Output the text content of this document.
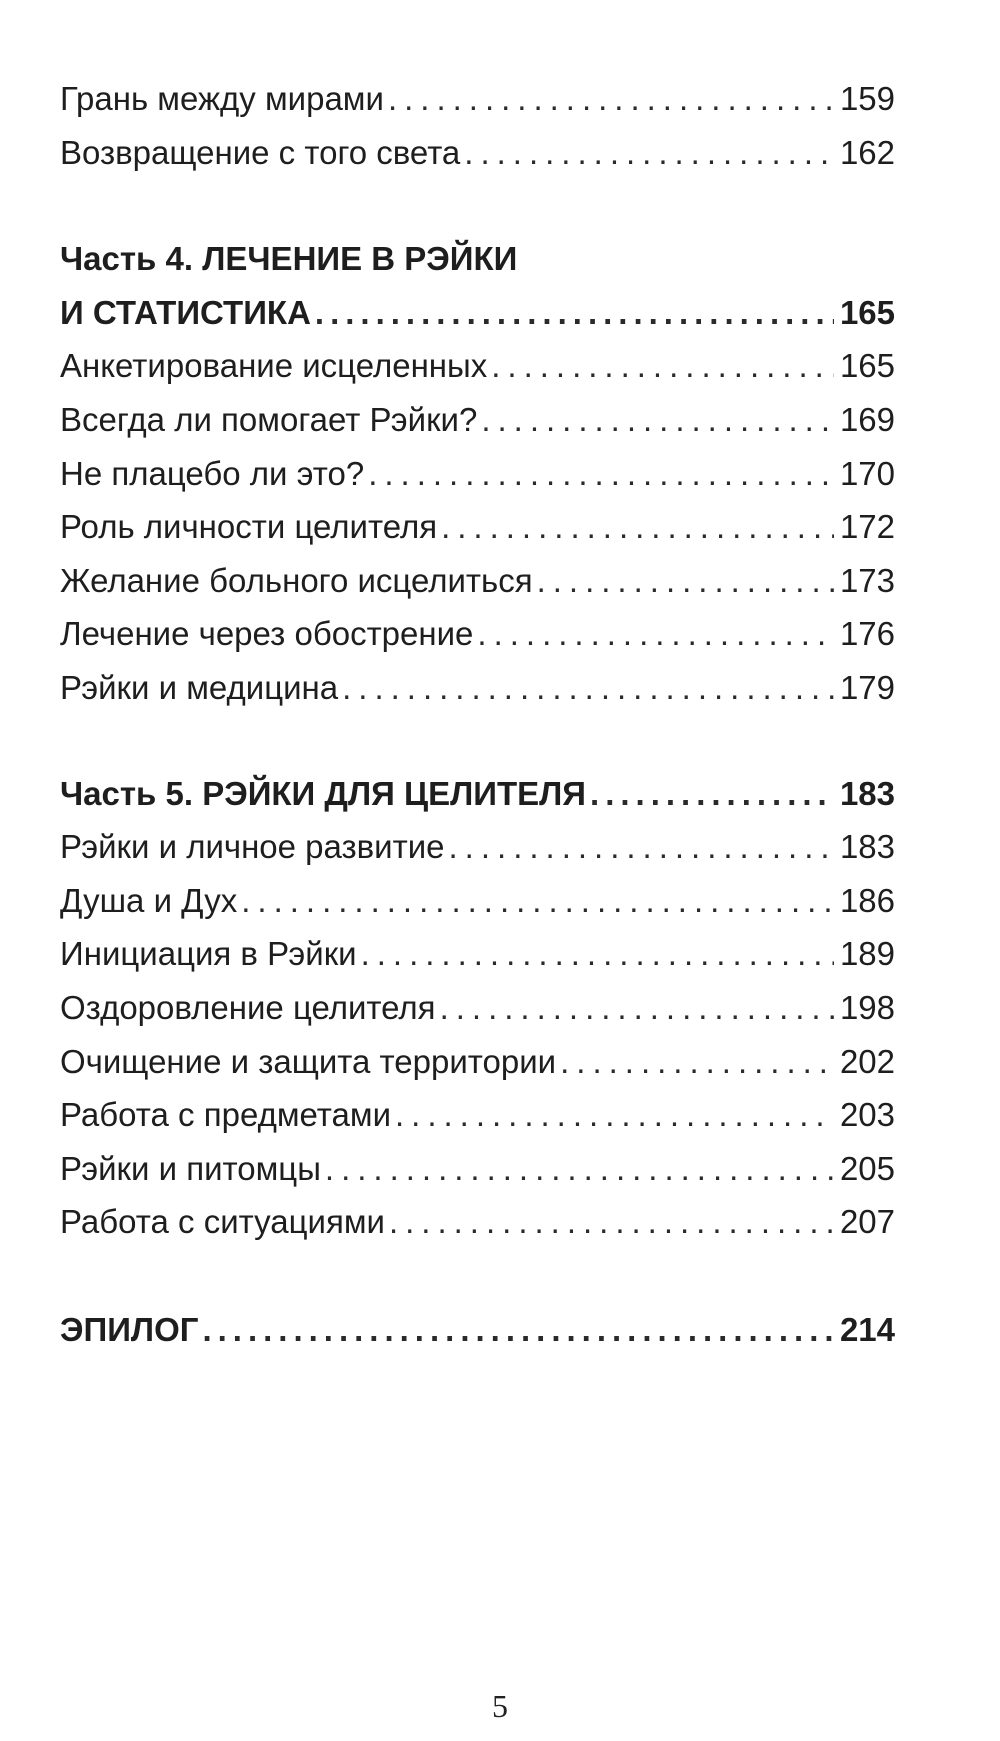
Грань между мирами .....	159
Возвращение с того света .....	162
Часть 4. ЛЕЧЕНИЕ В РЭЙКИ
И СТАТИСТИКА .....	165
Анкетирование исцеленных .....	165
Всегда ли помогает Рэйки? .....	169
Не плацебо ли это? .....	170
Роль личности целителя .....	172
Желание больного исцелиться .....	173
Лечение через обострение .....	176
Рэйки и медицина .....	179
Часть 5. РЭЙКИ ДЛЯ ЦЕЛИТЕЛЯ .....	183
Рэйки и личное развитие .....	183
Душа и Дух .....	186
Инициация в Рэйки .....	189
Оздоровление целителя .....	198
Очищение и защита территории .....	202
Работа с предметами .....	203
Рэйки и питомцы .....	205
Работа с ситуациями .....	207
ЭПИЛОГ .....	214
5
